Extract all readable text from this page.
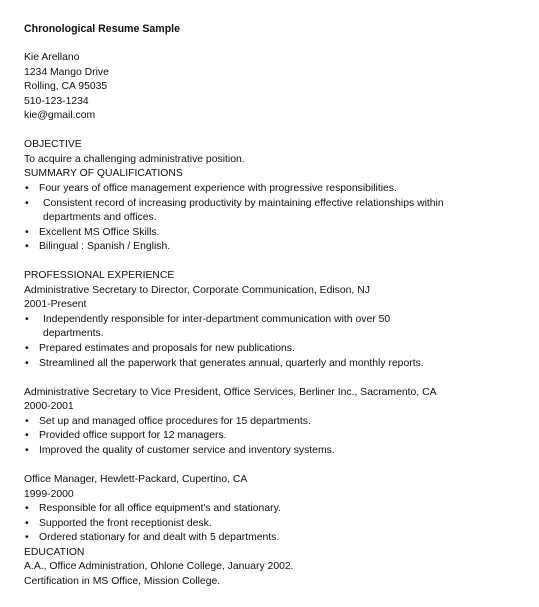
Chronological Resume Sample
Kie Arellano
1234 Mango Drive
Rolling, CA 95035
510-123-1234
kie@gmail.com
OBJECTIVE
To acquire a challenging administrative position.
SUMMARY OF QUALIFICATIONS
• Four years of office management experience with progressive responsibilities.
• Consistent record of increasing productivity by maintaining effective relationships within
departments and offices.
• Excellent MS Office Skills.
• Bilingual : Spanish / English.
PROFESSIONAL EXPERIENCE
Administrative Secretary to Director, Corporate Communication, Edison, NJ
2001-Present
• Independently responsible for inter-department communication with over 50
departments.
• Prepared estimates and proposals for new publications.
• Streamlined all the paperwork that generates annual, quarterly and monthly reports.
Administrative Secretary to Vice President, Office Services, Berliner Inc., Sacramento, CA
2000-2001
• Set up and managed office procedures for 15 departments.
• Provided office support for 12 managers.
• Improved the quality of customer service and inventory systems.
Office Manager, Hewlett-Packard, Cupertino, CA
1999-2000
• Responsible for all office equipment's and stationary.
• Supported the front receptionist desk.
• Ordered stationary for and dealt with 5 departments.
EDUCATION
A.A., Office Administration, Ohlone College, January 2002.
Certification in MS Office, Mission College.
